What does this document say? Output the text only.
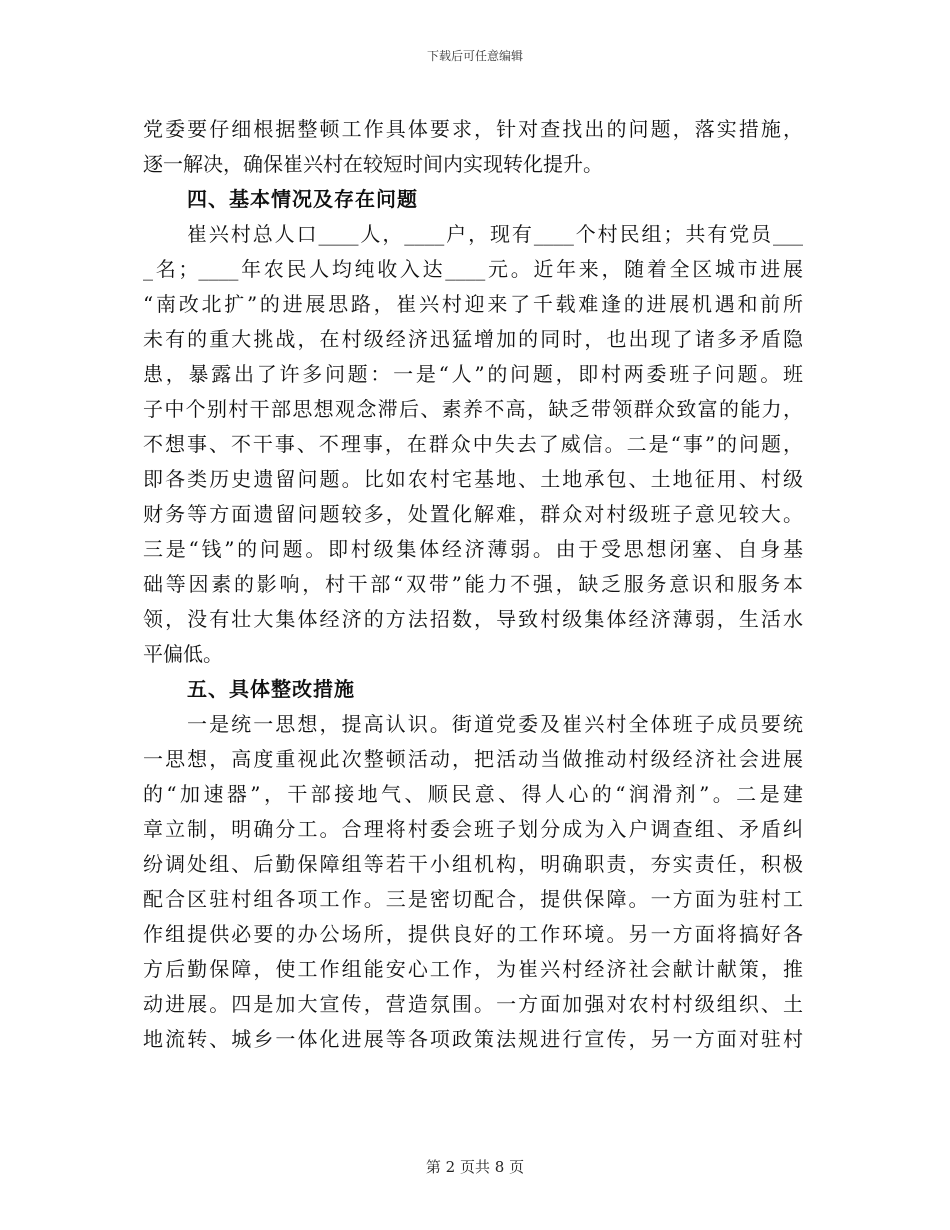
下载后可任意编辑
党委要仔细根据整顿工作具体要求，针对查找出的问题，落实措施，
逐一解决，确保崔兴村在较短时间内实现转化提升。
四、基本情况及存在问题
崔兴村总人口____人，____户，现有____个村民组；共有党员___
_名；____年农民人均纯收入达____元。近年来，随着全区城市进展
“南改北扩”的进展思路，崔兴村迎来了千载难逢的进展机遇和前所
未有的重大挑战，在村级经济迅猛增加的同时，也出现了诸多矛盾隐
患，暴露出了许多问题：一是“人”的问题，即村两委班子问题。班
子中个别村干部思想观念滞后、素养不高，缺乏带领群众致富的能力，
不想事、不干事、不理事，在群众中失去了威信。二是“事”的问题，
即各类历史遗留问题。比如农村宅基地、土地承包、土地征用、村级
财务等方面遗留问题较多，处置化解难，群众对村级班子意见较大。
三是“钱”的问题。即村级集体经济薄弱。由于受思想闭塞、自身基
础等因素的影响，村干部“双带”能力不强，缺乏服务意识和服务本
领，没有壮大集体经济的方法招数，导致村级集体经济薄弱，生活水
平偏低。
五、具体整改措施
一是统一思想，提高认识。街道党委及崔兴村全体班子成员要统
一思想，高度重视此次整顿活动，把活动当做推动村级经济社会进展
的“加速器”，干部接地气、顺民意、得人心的“润滑剂”。二是建
章立制，明确分工。合理将村委会班子划分成为入户调查组、矛盾纠
纷调处组、后勤保障组等若干小组机构，明确职责，夯实责任，积极
配合区驻村组各项工作。三是密切配合，提供保障。一方面为驻村工
作组提供必要的办公场所，提供良好的工作环境。另一方面将搞好各
方后勤保障，使工作组能安心工作，为崔兴村经济社会献计献策，推
动进展。四是加大宣传，营造氛围。一方面加强对农村村级组织、土
地流转、城乡一体化进展等各项政策法规进行宣传，另一方面对驻村
第 2 页共 8 页
